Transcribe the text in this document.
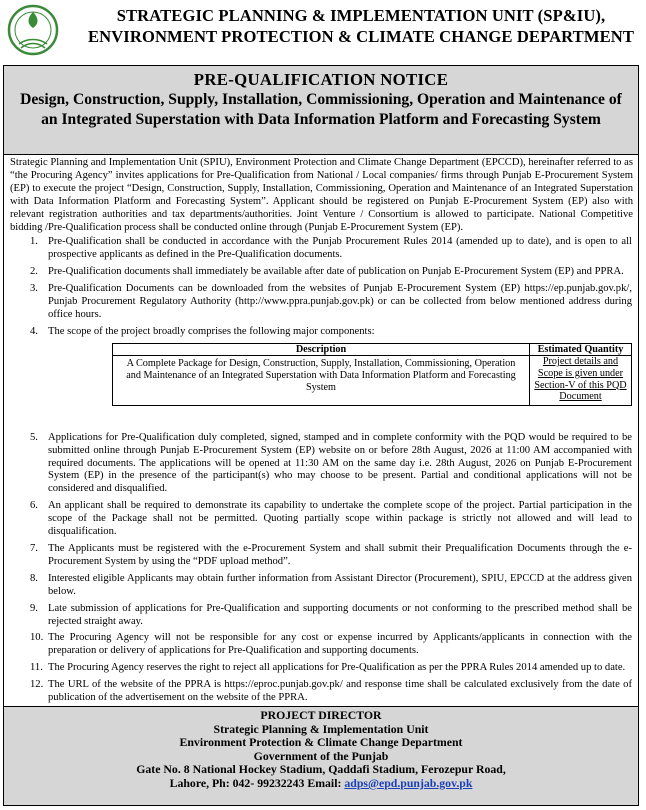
STRATEGIC PLANNING & IMPLEMENTATION UNIT (SP&IU),
ENVIRONMENT PROTECTION & CLIMATE CHANGE DEPARTMENT
PRE-QUALIFICATION NOTICE
Design, Construction, Supply, Installation, Commissioning, Operation and Maintenance of an Integrated Superstation with Data Information Platform and Forecasting System
Strategic Planning and Implementation Unit (SPIU), Environment Protection and Climate Change Department (EPCCD), hereinafter referred to as “the Procuring Agency” invites applications for Pre-Qualification from National / Local companies/ firms through Punjab E-Procurement System (EP) to execute the project “Design, Construction, Supply, Installation, Commissioning, Operation and Maintenance of an Integrated Superstation with Data Information Platform and Forecasting System”. Applicant should be registered on Punjab E-Procurement System (EP) also with relevant registration authorities and tax departments/authorities. Joint Venture / Consortium is allowed to participate. National Competitive bidding /Pre-Qualification process shall be conducted online through (Punjab E-Procurement System (EP).
1. Pre-Qualification shall be conducted in accordance with the Punjab Procurement Rules 2014 (amended up to date), and is open to all prospective applicants as defined in the Pre-Qualification documents.
2. Pre-Qualification documents shall immediately be available after date of publication on Punjab E-Procurement System (EP) and PPRA.
3. Pre-Qualification Documents can be downloaded from the websites of Punjab E-Procurement System (EP) https://ep.punjab.gov.pk/, Punjab Procurement Regulatory Authority (http://www.ppra.punjab.gov.pk) or can be collected from below mentioned address during office hours.
4. The scope of the project broadly comprises the following major components:
Description	Estimated Quantity
A Complete Package for Design, Construction, Supply, Installation, Commissioning, Operation and Maintenance of an Integrated Superstation with Data Information Platform and Forecasting System	Project details and Scope is given under Section-V of this PQD Document
5. Applications for Pre-Qualification duly completed, signed, stamped and in complete conformity with the PQD would be required to be submitted online through Punjab E-Procurement System (EP) website on or before 28th August, 2026 at 11:00 AM accompanied with required documents. The applications will be opened at 11:30 AM on the same day i.e. 28th August, 2026 on Punjab E-Procurement System (EP) in the presence of the participant(s) who may choose to be present. Partial and conditional applications will not be considered and disqualified.
6. An applicant shall be required to demonstrate its capability to undertake the complete scope of the project. Partial participation in the scope of the Package shall not be permitted. Quoting partially scope within package is strictly not allowed and will lead to disqualification.
7. The Applicants must be registered with the e-Procurement System and shall submit their Prequalification Documents through the e-Procurement System by using the “PDF upload method”.
8. Interested eligible Applicants may obtain further information from Assistant Director (Procurement), SPIU, EPCCD at the address given below.
9. Late submission of applications for Pre-Qualification and supporting documents or not conforming to the prescribed method shall be rejected straight away.
10. The Procuring Agency will not be responsible for any cost or expense incurred by Applicants/applicants in connection with the preparation or delivery of applications for Pre-Qualification and supporting documents.
11. The Procuring Agency reserves the right to reject all applications for Pre-Qualification as per the PPRA Rules 2014 amended up to date.
12. The URL of the website of the PPRA is https://eproc.punjab.gov.pk/ and response time shall be calculated exclusively from the date of publication of the advertisement on the website of the PPRA.
PROJECT DIRECTOR
Strategic Planning & Implementation Unit
Environment Protection & Climate Change Department
Government of the Punjab
Gate No. 8 National Hockey Stadium, Qaddafi Stadium, Ferozepur Road,
Lahore, Ph: 042- 99232243 Email: adps@epd.punjab.gov.pk
